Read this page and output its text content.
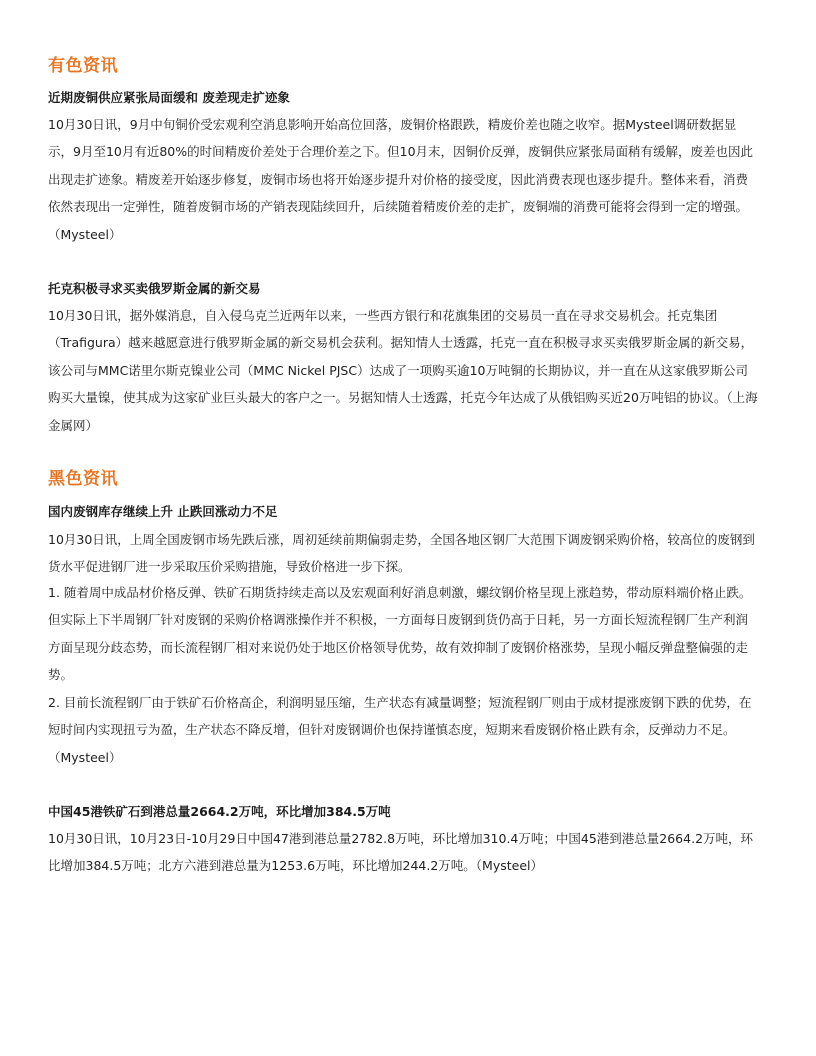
有色资讯
近期废铜供应紧张局面缓和 废差现走扩迹象

10月30日讯，9月中旬铜价受宏观利空消息影响开始高位回落，废铜价格跟跌，精废价差也随之收窄。据Mysteel调研数据显示，9月至10月有近80%的时间精废价差处于合理价差之下。但10月末，因铜价反弹，废铜供应紧张局面稍有缓解，废差也因此出现走扩迹象。精废差开始逐步修复，废铜市场也将开始逐步提升对价格的接受度，因此消费表现也逐步提升。整体来看，消费依然表现出一定弹性，随着废铜市场的产销表现陆续回升，后续随着精废价差的走扩，废铜端的消费可能将会得到一定的增强。（Mysteel）

托克积极寻求买卖俄罗斯金属的新交易

10月30日讯，据外媒消息，自入侵乌克兰近两年以来，一些西方银行和花旗集团的交易员一直在寻求交易机会。托克集团（Trafigura）越来越愿意进行俄罗斯金属的新交易机会获利。据知情人士透露，托克一直在积极寻求买卖俄罗斯金属的新交易，该公司与MMC诺里尔斯克镍业公司（MMC Nickel PJSC）达成了一项购买逾10万吨铜的长期协议，并一直在从这家俄罗斯公司购买大量镍，使其成为这家矿业巨头最大的客户之一。另据知情人士透露，托克今年达成了从俄铝购买近20万吨铝的协议。（上海金属网）

黑色资讯
国内废钢库存继续上升 止跌回涨动力不足

10月30日讯，上周全国废钢市场先跌后涨，周初延续前期偏弱走势，全国各地区钢厂大范围下调废钢采购价格，较高位的废钢到货水平促进钢厂进一步采取压价采购措施，导致价格进一步下探。

1. 随着周中成品材价格反弹、铁矿石期货持续走高以及宏观面利好消息刺激，螺纹钢价格呈现上涨趋势，带动原料端价格止跌。但实际上下半周钢厂针对废钢的采购价格调涨操作并不积极，一方面每日废钢到货仍高于日耗，另一方面长短流程钢厂生产利润方面呈现分歧态势，而长流程钢厂相对来说仍处于地区价格领导优势，故有效抑制了废钢价格涨势，呈现小幅反弹盘整偏强的走势。

2. 目前长流程钢厂由于铁矿石价格高企，利润明显压缩，生产状态有减量调整；短流程钢厂则由于成材提涨废钢下跌的优势，在短时间内实现扭亏为盈，生产状态不降反增，但针对废钢调价也保持谨慎态度，短期来看废钢价格止跌有余，反弹动力不足。（Mysteel）

中国45港铁矿石到港总量2664.2万吨，环比增加384.5万吨

10月30日讯，10月23日-10月29日中国47港到港总量2782.8万吨，环比增加310.4万吨；中国45港到港总量2664.2万吨，环比增加384.5万吨；北方六港到港总量为1253.6万吨，环比增加244.2万吨。（Mysteel）
